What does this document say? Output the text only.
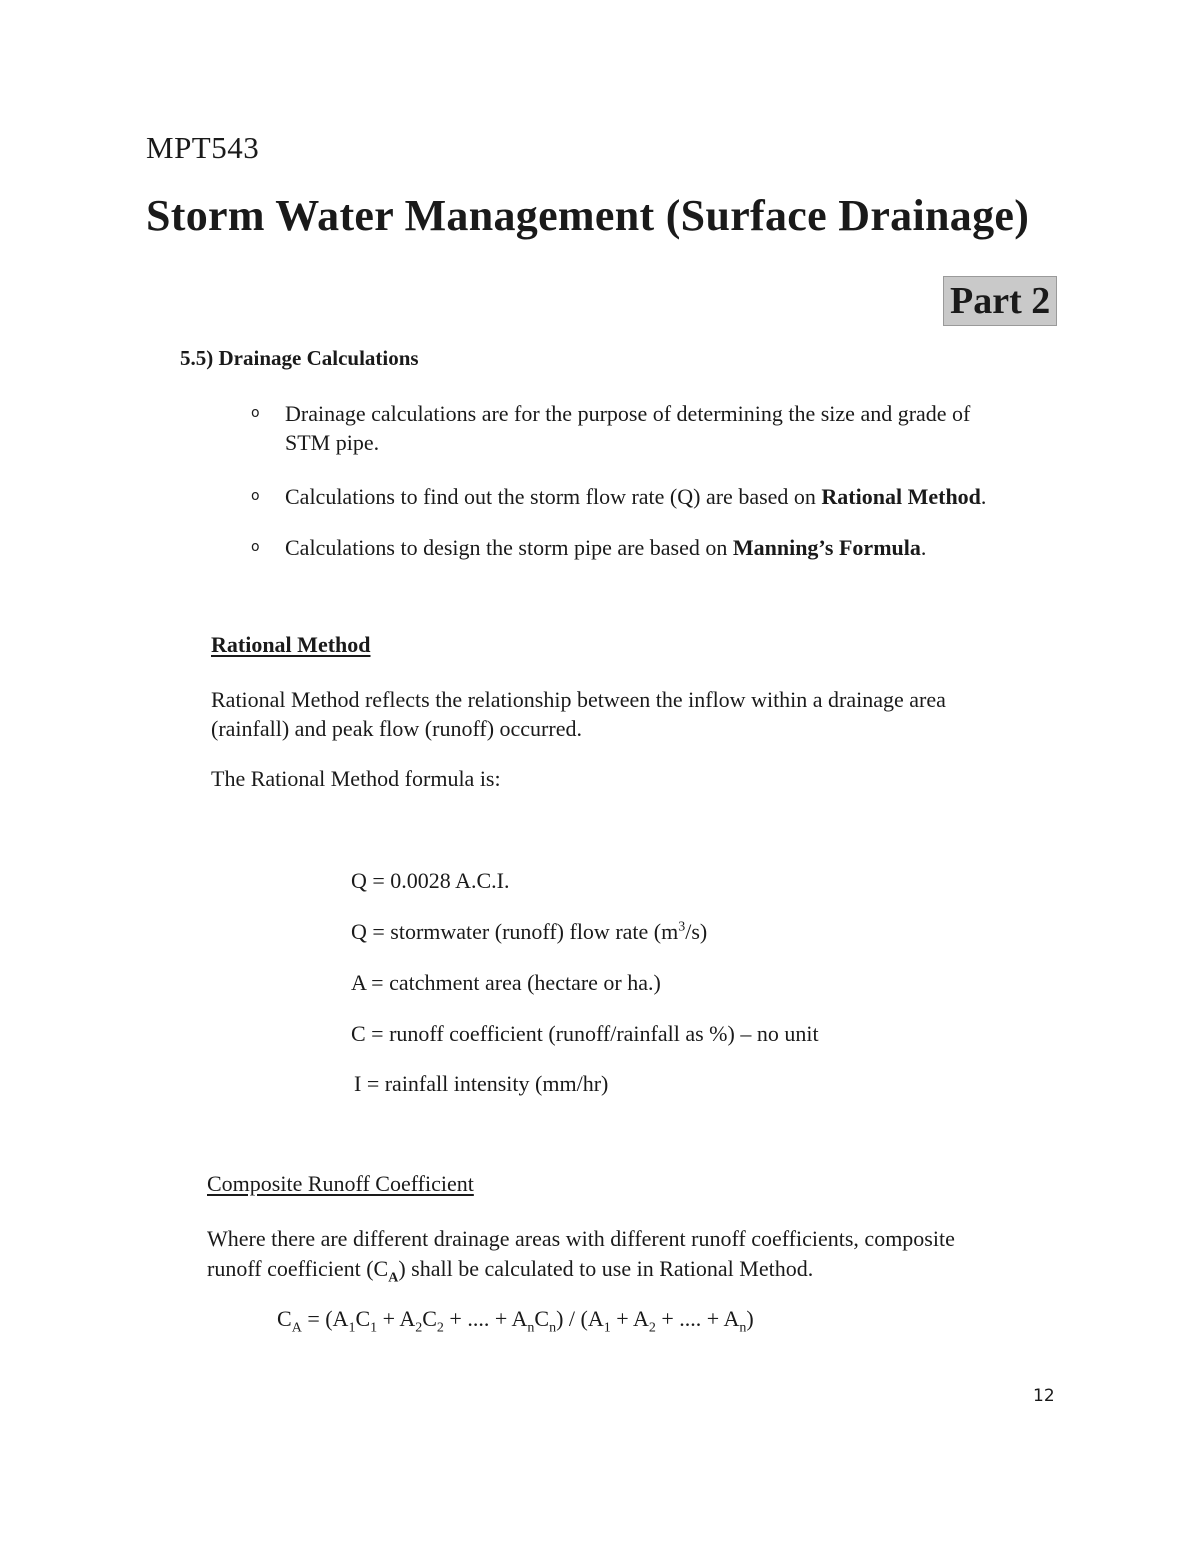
MPT543
Storm Water Management (Surface Drainage)
Part 2
5.5) Drainage Calculations
o Drainage calculations are for the purpose of determining the size and grade of
STM pipe.
o Calculations to find out the storm flow rate (Q) are based on Rational Method.
o Calculations to design the storm pipe are based on Manning’s Formula.
Rational Method
Rational Method reflects the relationship between the inflow within a drainage area
(rainfall) and peak flow (runoff) occurred.
The Rational Method formula is:
Q = 0.0028 A.C.I.
Q = stormwater (runoff) flow rate $(m^3/s)$
A = catchment area (hectare or ha.)
C = runoff coefficient (runoff/rainfall as %) – no unit
I = rainfall intensity (mm/hr)
Composite Runoff Coefficient
Where there are different drainage areas with different runoff coefficients, composite
runoff coefficient $(C_A)$ shall be calculated to use in Rational Method.
$C_A = (A_1C_1 + A_2C_2$ + .... + $A_nC_n) / (A_1 + A_2$ + .... + $A_n$)
12
